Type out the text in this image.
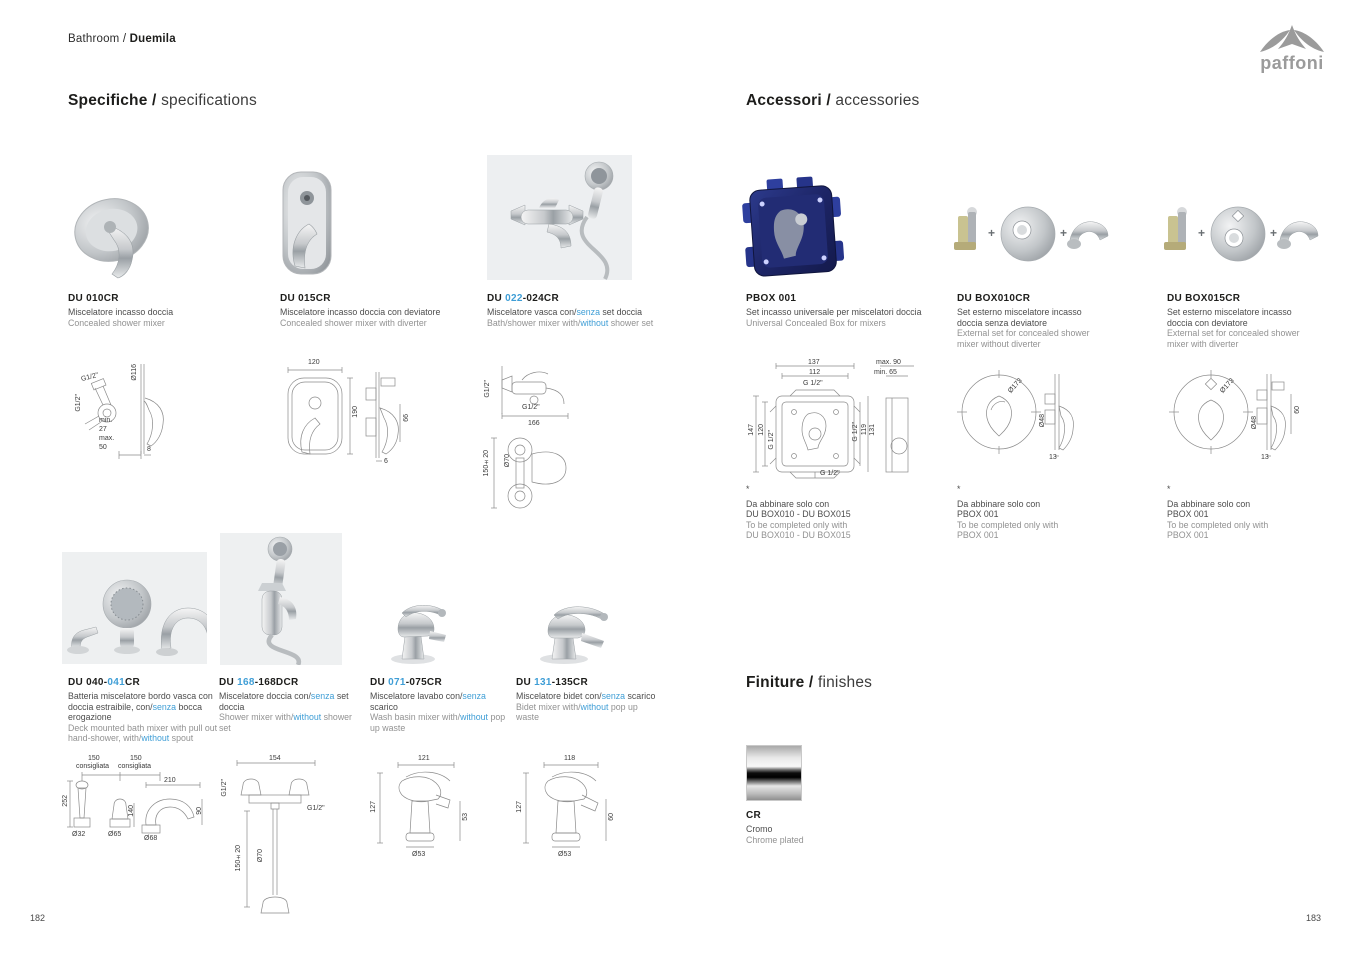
Bathroom / Duemila
paffoni
Specifiche / specifications	Accessori / accessories
Finiture / finishes
+	+	+	+
DU 010CR
Miscelatore incasso doccia
Concealed shower mixer
DU 015CR
Miscelatore incasso doccia con deviatore
Concealed shower mixer with diverter
DU 022-024CR
Miscelatore vasca con/senza set doccia
Bath/shower mixer with/without shower set
PBOX 001
Set incasso universale per miscelatori doccia
Universal Concealed Box for mixers
DU BOX010CR
Set esterno miscelatore incasso doccia senza deviatore
External set for concealed shower mixer without diverter
DU BOX015CR
Set esterno miscelatore incasso doccia con deviatore
External set for concealed shower mixer with diverter
DU 040-041CR
Batteria miscelatore bordo vasca con doccia estraibile, con/senza bocca erogazione
Deck mounted bath mixer with pull out hand-shower, with/without spout
DU 168-168DCR
Miscelatore doccia con/senza set doccia
Shower mixer with/without shower set
DU 071-075CR
Miscelatore lavabo con/senza scarico
Wash basin mixer with/without pop up waste
DU 131-135CR
Miscelatore bidet con/senza scarico
Bidet mixer with/without pop up waste
Ø116
G1/2"
G1/2"
min.
27
max.
50	8
120
190
66
6
G1/2"
G1/2"
166
150±20 Ø70
137
112
G 1/2"
max. 90
min. 65
147 120
G 1/2"	G 1/2" 119 131
G 1/2"
Ø173
Ø48
13
Ø173
60
Ø48
13
150
consigliata
150
consigliata
252
Ø32	Ø65
140
210
90
Ø68
154
G1/2"
G1/2"
150±20 Ø70
121
127
53
Ø53
118
127
60
Ø53
*
Da abbinare solo con
DU BOX010 - DU BOX015
To be completed only with
DU BOX010 - DU BOX015
*
Da abbinare solo con
PBOX 001
To be completed only with
PBOX 001
*
Da abbinare solo con
PBOX 001
To be completed only with
PBOX 001
CR
Cromo
Chrome plated
182	183
